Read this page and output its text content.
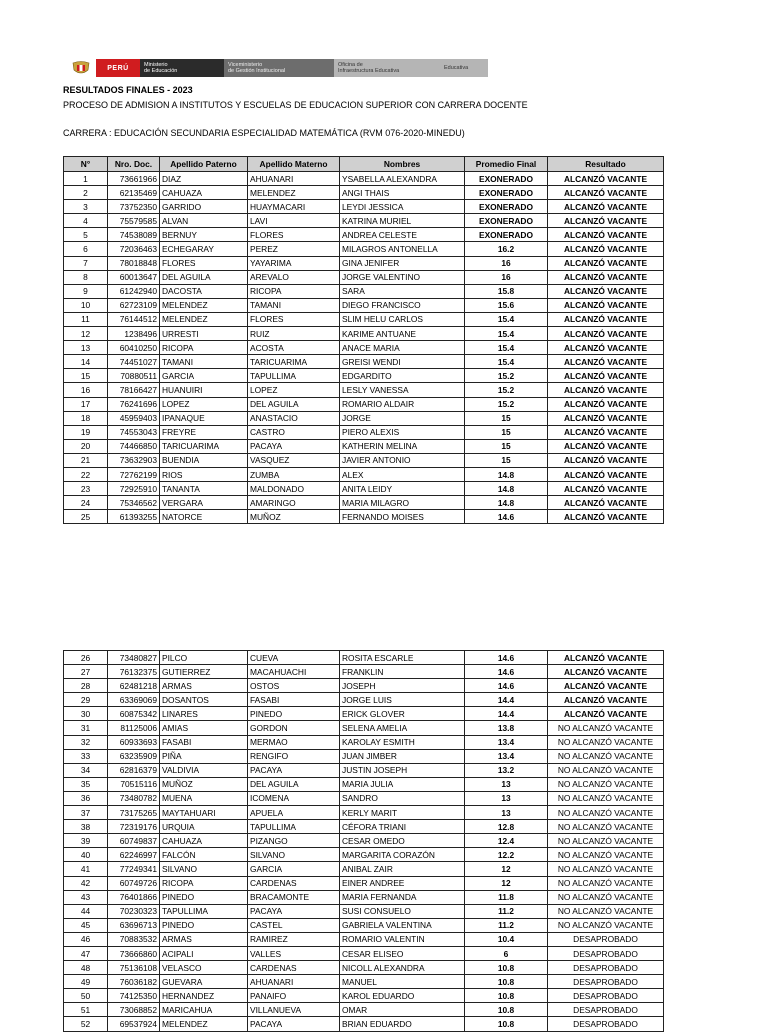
PERÚ	Ministerio
de Educación
Viceministerio
de Gestión Institucional
Oficina de
Infraestructura Educativa	Educativa
RESULTADOS FINALES - 2023
PROCESO DE ADMISION A INSTITUTOS Y ESCUELAS DE EDUCACION SUPERIOR CON CARRERA DOCENTE
CARRERA : EDUCACIÓN SECUNDARIA ESPECIALIDAD MATEMÁTICA (RVM 076-2020-MINEDU)
N°	Nro. Doc.	Apellido Paterno	Apellido Materno	Nombres	Promedio Final	Resultado
1	73661966	DIAZ	AHUANARI	YSABELLA ALEXANDRA	EXONERADO	ALCANZÓ VACANTE
2	62135469	CAHUAZA	MELENDEZ	ANGI THAIS	EXONERADO	ALCANZÓ VACANTE
3	73752350	GARRIDO	HUAYMACARI	LEYDI JESSICA	EXONERADO	ALCANZÓ VACANTE
4	75579585	ALVAN	LAVI	KATRINA MURIEL	EXONERADO	ALCANZÓ VACANTE
5	74538089	BERNUY	FLORES	ANDREA CELESTE	EXONERADO	ALCANZÓ VACANTE
6	72036463	ECHEGARAY	PEREZ	MILAGROS ANTONELLA	16.2	ALCANZÓ VACANTE
7	78018848	FLORES	YAYARIMA	GINA JENIFER	16	ALCANZÓ VACANTE
8	60013647	DEL AGUILA	AREVALO	JORGE VALENTINO	16	ALCANZÓ VACANTE
9	61242940	DACOSTA	RICOPA	SARA	15.8	ALCANZÓ VACANTE
10	62723109	MELENDEZ	TAMANI	DIEGO FRANCISCO	15.6	ALCANZÓ VACANTE
11	76144512	MELENDEZ	FLORES	SLIM HELU CARLOS	15.4	ALCANZÓ VACANTE
12	1238496	URRESTI	RUIZ	KARIME ANTUANE	15.4	ALCANZÓ VACANTE
13	60410250	RICOPA	ACOSTA	ANACE MARIA	15.4	ALCANZÓ VACANTE
14	74451027	TAMANI	TARICUARIMA	GREISI WENDI	15.4	ALCANZÓ VACANTE
15	70880511	GARCIA	TAPULLIMA	EDGARDITO	15.2	ALCANZÓ VACANTE
16	78166427	HUANUIRI	LOPEZ	LESLY VANESSA	15.2	ALCANZÓ VACANTE
17	76241696	LOPEZ	DEL AGUILA	ROMARIO ALDAIR	15.2	ALCANZÓ VACANTE
18	45959403	IPANAQUE	ANASTACIO	JORGE	15	ALCANZÓ VACANTE
19	74553043	FREYRE	CASTRO	PIERO ALEXIS	15	ALCANZÓ VACANTE
20	74466850	TARICUARIMA	PACAYA	KATHERIN MELINA	15	ALCANZÓ VACANTE
21	73632903	BUENDIA	VASQUEZ	JAVIER ANTONIO	15	ALCANZÓ VACANTE
22	72762199	RIOS	ZUMBA	ALEX	14.8	ALCANZÓ VACANTE
23	72925910	TANANTA	MALDONADO	ANITA LEIDY	14.8	ALCANZÓ VACANTE
24	75346562	VERGARA	AMARINGO	MARIA MILAGRO	14.8	ALCANZÓ VACANTE
25	61393255	NATORCE	MUÑOZ	FERNANDO MOISES	14.6	ALCANZÓ VACANTE
26	73480827	PILCO	CUEVA	ROSITA ESCARLE	14.6	ALCANZÓ VACANTE
27	76132375	GUTIERREZ	MACAHUACHI	FRANKLIN	14.6	ALCANZÓ VACANTE
28	62481218	ARMAS	OSTOS	JOSEPH	14.6	ALCANZÓ VACANTE
29	63369069	DOSANTOS	FASABI	JORGE LUIS	14.4	ALCANZÓ VACANTE
30	60875342	LINARES	PINEDO	ERICK GLOVER	14.4	ALCANZÓ VACANTE
31	81125006	AMIAS	GORDON	SELENA AMELIA	13.8	NO ALCANZÓ VACANTE
32	60933693	FASABI	MERMAO	KAROLAY ESMITH	13.4	NO ALCANZÓ VACANTE
33	63235909	PIÑA	RENGIFO	JUAN JIMBER	13.4	NO ALCANZÓ VACANTE
34	62816379	VALDIVIA	PACAYA	JUSTIN JOSEPH	13.2	NO ALCANZÓ VACANTE
35	70515116	MUÑOZ	DEL AGUILA	MARIA JULIA	13	NO ALCANZÓ VACANTE
36	73480782	MUENA	ICOMENA	SANDRO	13	NO ALCANZÓ VACANTE
37	73175265	MAYTAHUARI	APUELA	KERLY MARIT	13	NO ALCANZÓ VACANTE
38	72319176	URQUIA	TAPULLIMA	CÉFORA TRIANI	12.8	NO ALCANZÓ VACANTE
39	60749837	CAHUAZA	PIZANGO	CESAR OMEDO	12.4	NO ALCANZÓ VACANTE
40	62246997	FALCÓN	SILVANO	MARGARITA CORAZÓN	12.2	NO ALCANZÓ VACANTE
41	77249341	SILVANO	GARCIA	ANIBAL ZAIR	12	NO ALCANZÓ VACANTE
42	60749726	RICOPA	CARDENAS	EINER ANDREE	12	NO ALCANZÓ VACANTE
43	76401866	PINEDO	BRACAMONTE	MARIA FERNANDA	11.8	NO ALCANZÓ VACANTE
44	70230323	TAPULLIMA	PACAYA	SUSI CONSUELO	11.2	NO ALCANZÓ VACANTE
45	63696713	PINEDO	CASTEL	GABRIELA VALENTINA	11.2	NO ALCANZÓ VACANTE
46	70883532	ARMAS	RAMIREZ	ROMARIO VALENTIN	10.4	DESAPROBADO
47	73666860	ACIPALI	VALLES	CESAR ELISEO	6	DESAPROBADO
48	75136108	VELASCO	CARDENAS	NICOLL ALEXANDRA	10.8	DESAPROBADO
49	76036182	GUEVARA	AHUANARI	MANUEL	10.8	DESAPROBADO
50	74125350	HERNANDEZ	PANAIFO	KAROL EDUARDO	10.8	DESAPROBADO
51	73068852	MARICAHUA	VILLANUEVA	OMAR	10.8	DESAPROBADO
52	69537924	MELENDEZ	PACAYA	BRIAN EDUARDO	10.8	DESAPROBADO
